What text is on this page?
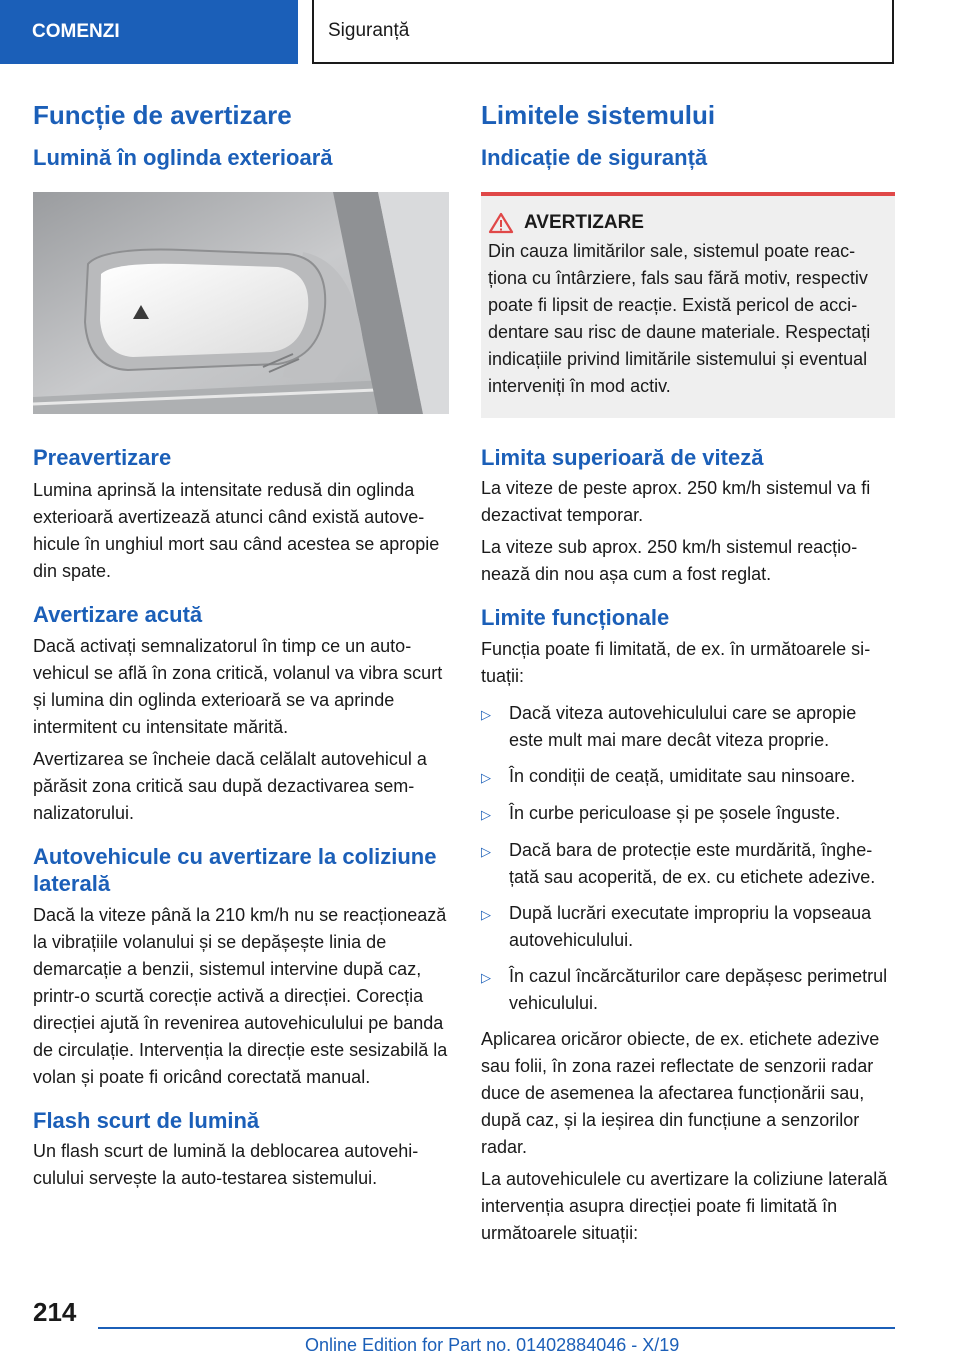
COMENZI	Siguranță
Funcție de avertizare
Lumină în oglinda exterioară
Preavertizare

Lumina aprinsă la intensitate redusă din oglinda exterioară avertizează atunci când există autovehicule în unghiul mort sau când acestea se apropie din spate.

Avertizare acută

Dacă activați semnalizatorul în timp ce un autovehicul se află în zona critică, volanul va vibra scurt și lumina din oglinda exterioară se va aprinde intermitent cu intensitate mărită.

Avertizarea se încheie dacă celălalt autovehicul a părăsit zona critică sau după dezactivarea semnalizatorului.

Autovehicule cu avertizare la coliziune laterală

Dacă la viteze până la 210 km/h nu se reacționează la vibrațiile volanului și se depășește linia de demarcație a benzii, sistemul intervine după caz, printr-o scurtă corecție activă a direcției. Corecția direcției ajută în revenirea autovehiculului pe banda de circulație. Intervenția la direcție este sesizabilă la volan și poate fi oricând corectată manual.

Flash scurt de lumină

Un flash scurt de lumină la deblocarea autovehiculului servește la auto-testarea sistemului.

Limitele sistemului
Indicație de siguranță
AVERTIZARE

Din cauza limitărilor sale, sistemul poate reacționa cu întârziere, fals sau fără motiv, respectiv poate fi lipsit de reacție. Există pericol de accidentare sau risc de daune materiale. Respectați indicațiile privind limitările sistemului și eventual interveniți în mod activ.

Limita superioară de viteză

La viteze de peste aprox. 250 km/h sistemul va fi dezactivat temporar.

La viteze sub aprox. 250 km/h sistemul reacționează din nou așa cum a fost reglat.

Limite funcționale

Funcția poate fi limitată, de ex. în următoarele situații:

▷	Dacă viteza autovehiculului care se apropie este mult mai mare decât viteza proprie.
▷	În condiții de ceață, umiditate sau ninsoare.
▷	În curbe periculoase și pe șosele înguste.
▷	Dacă bara de protecție este murdărită, înghețată sau acoperită, de ex. cu etichete adezive.
▷	După lucrări executate impropriu la vopseaua autovehiculului.
▷	În cazul încărcăturilor care depășesc perimetrul vehiculului.

Aplicarea oricăror obiecte, de ex. etichete adezive sau folii, în zona razei reflectate de senzorii radar duce de asemenea la afectarea funcționării sau, după caz, și la ieșirea din funcțiune a senzorilor radar.

La autovehiculele cu avertizare la coliziune laterală intervenția asupra direcției poate fi limitată în următoarele situații:

214
Online Edition for Part no. 01402884046 - X/19
